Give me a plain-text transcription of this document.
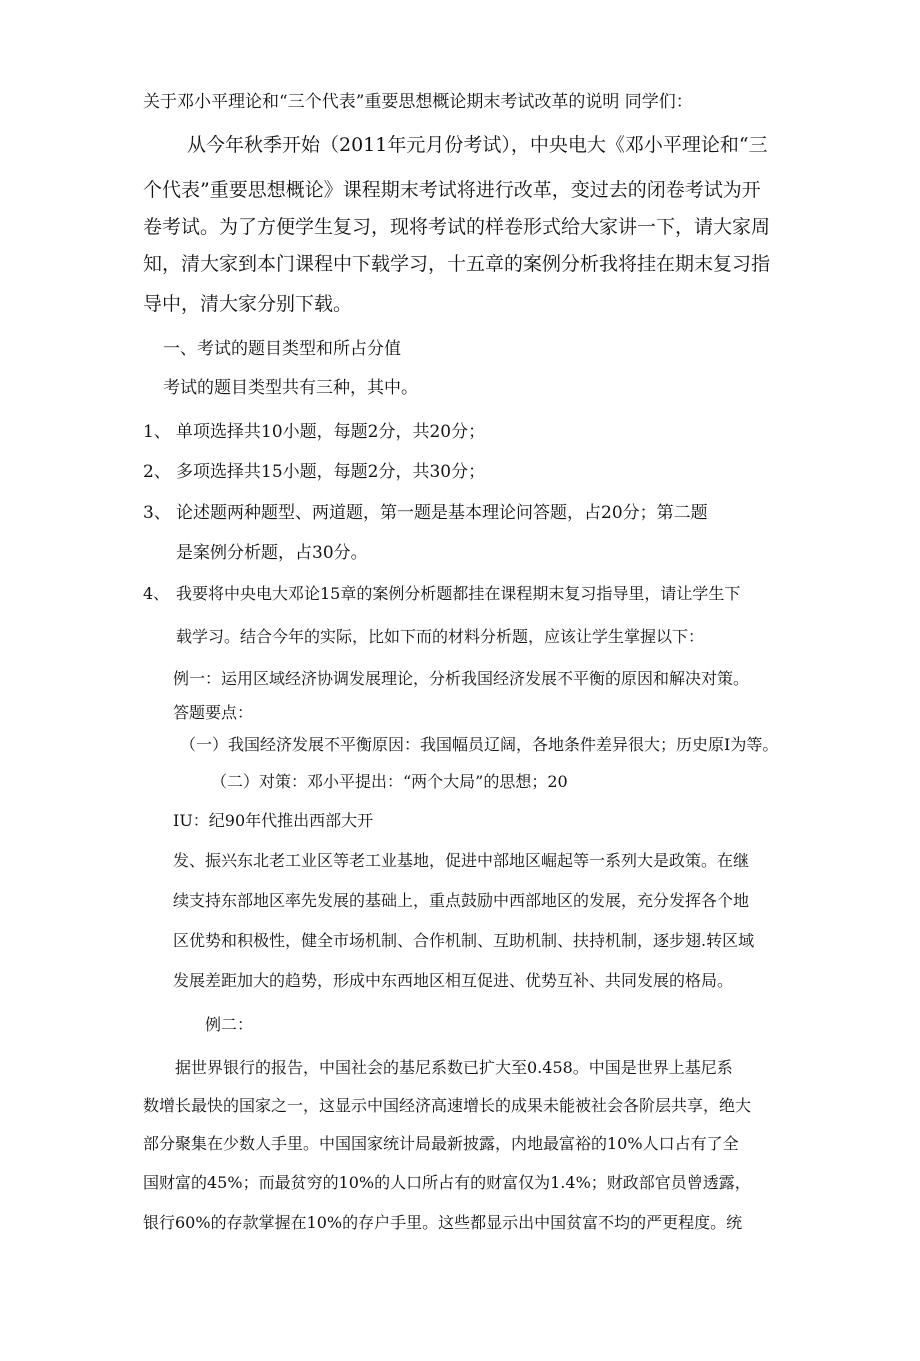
关于邓小平理论和“三个代表”重要思想概论期末考试改革的说明 同学们：
从今年秋季开始（2011年元月份考试），中央电大《邓小平理论和“三
个代表”重要思想概论》课程期末考试将进行改革，变过去的闭卷考试为开
卷考试。为了方便学生复习，现将考试的样卷形式给大家讲一下，请大家周
知，清大家到本门课程中下载学习，十五章的案例分析我将挂在期末复习指
导中，清大家分别下载。
一、考试的题目类型和所占分值
考试的题目类型共有三种，其中。
1、 单项选择共10小题，每题2分，共20分；
2、 多项选择共15小题，每题2分，共30分；
3、 论述题两种题型、两道题，第一题是基本理论问答题，占20分；第二题
是案例分析题，占30分。
4、 我要将中央电大邓论15章的案例分析题都挂在课程期末复习指导里，请让学生下
载学习。结合今年的实际，比如下而的材料分析题，应该让学生掌握以下：
例一：运用区域经济协调发展理论，分析我国经济发展不平衡的原因和解决对策。
答题要点：
（一）我国经济发展不平衡原因：我国幅员辽阔，各地条件差异很大；历史原I为等。
（二）对策：邓小平提出：“两个大局”的思想；20
IU：纪90年代推出西部大开
发、振兴东北老工业区等老工业基地，促进中部地区崛起等一系列大是政策。在继
续支持东部地区率先发展的基础上，重点鼓励中西部地区的发展，充分发挥各个地
区优势和积极性，健全市场机制、合作机制、互助机制、扶持机制，逐步翅.转区域
发展差距加大的趋势，形成中东西地区相互促进、优势互补、共同发展的格局。
例二：
据世界银行的报告，中国社会的基尼系数已扩大至0.458。中国是世界上基尼系
数增长最快的国家之一，这显示中国经济高速增长的成果未能被社会各阶层共享，绝大
部分聚集在少数人手里。中国国家统计局最新披露，内地最富裕的10%人口占有了全
国财富的45%；而最贫穷的10%的人口所占有的财富仅为1.4%；财政部官员曾透露，
银行60%的存款掌握在10%的存户手里。这些都显示出中国贫富不均的严更程度。统
